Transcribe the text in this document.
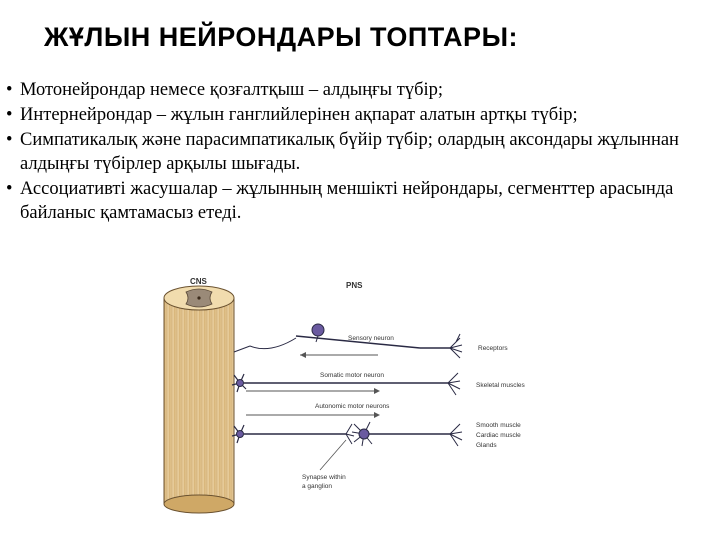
ЖҰЛЫН НЕЙРОНДАРЫ ТОПТАРЫ:
• Мотонейрондар немесе қозғалтқыш – алдыңғы түбір;
• Интернейрондар – жұлын ганглийлерінен ақпарат алатын артқы түбір;
• Симпатикалық және парасимпатикалық бүйір түбір; олардың аксондары жұлыннан алдыңғы түбірлер арқылы шығады.
• Ассоциативті жасушалар – жұлынның меншікті нейрондары, сегменттер арасында байланыс қамтамасыз етеді.
CNS	PNS
Sensory neuron
Receptors
Somatic motor neuron
Skeletal muscles
Autonomic motor neurons
Smooth muscle
Cardiac muscle
Glands
Synapse within
a ganglion
